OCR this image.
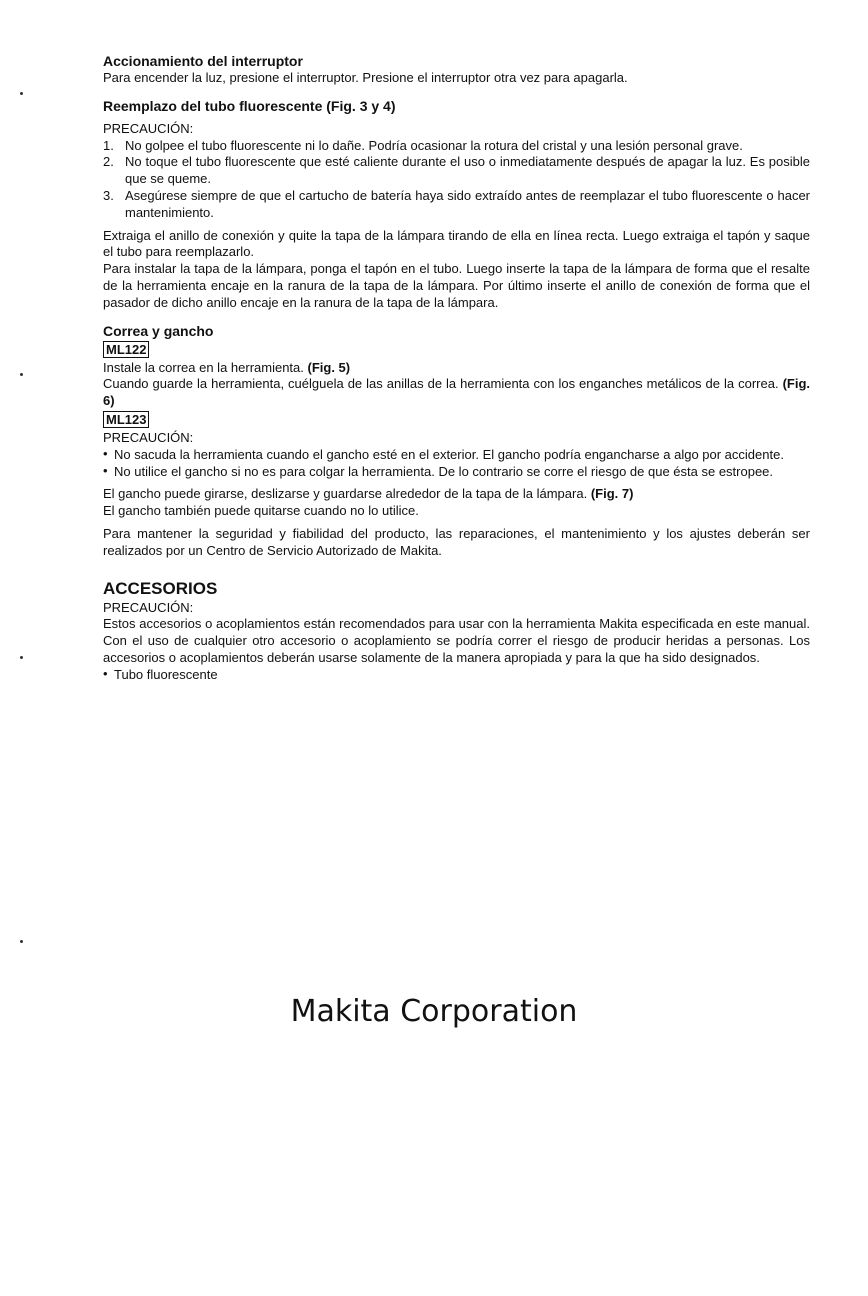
Accionamiento del interruptor

Para encender la luz, presione el interruptor. Presione el interruptor otra vez para apagarla.

Reemplazo del tubo fluorescente (Fig. 3 y 4)

PRECAUCIÓN:

1. No golpee el tubo fluorescente ni lo dañe. Podría ocasionar la rotura del cristal y una lesión personal grave.
2. No toque el tubo fluorescente que esté caliente durante el uso o inmediatamente después de apagar la luz. Es posible que se queme.
3. Asegúrese siempre de que el cartucho de batería haya sido extraído antes de reemplazar el tubo fluorescente o hacer mantenimiento.

Extraiga el anillo de conexión y quite la tapa de la lámpara tirando de ella en línea recta. Luego extraiga el tapón y saque el tubo para reemplazarlo.

Para instalar la tapa de la lámpara, ponga el tapón en el tubo. Luego inserte la tapa de la lámpara de forma que el resalte de la herramienta encaje en la ranura de la tapa de la lámpara. Por último inserte el anillo de conexión de forma que el pasador de dicho anillo encaje en la ranura de la tapa de la lámpara.

Correa y gancho
ML122

Instale la correa en la herramienta. (Fig. 5)

Cuando guarde la herramienta, cuélguela de las anillas de la herramienta con los enganches metálicos de la correa. (Fig. 6)

ML123

PRECAUCIÓN:

• No sacuda la herramienta cuando el gancho esté en el exterior. El gancho podría engancharse a algo por accidente.
• No utilice el gancho si no es para colgar la herramienta. De lo contrario se corre el riesgo de que ésta se estropee.

El gancho puede girarse, deslizarse y guardarse alrededor de la tapa de la lámpara. (Fig. 7)

El gancho también puede quitarse cuando no lo utilice.

Para mantener la seguridad y fiabilidad del producto, las reparaciones, el mantenimiento y los ajustes deberán ser realizados por un Centro de Servicio Autorizado de Makita.

ACCESORIOS

PRECAUCIÓN:

Estos accesorios o acoplamientos están recomendados para usar con la herramienta Makita especificada en este manual. Con el uso de cualquier otro accesorio o acoplamiento se podría correr el riesgo de producir heridas a personas. Los accesorios o acoplamientos deberán usarse solamente de la manera apropiada y para la que ha sido designados.

• Tubo fluorescente
Makita Corporation
